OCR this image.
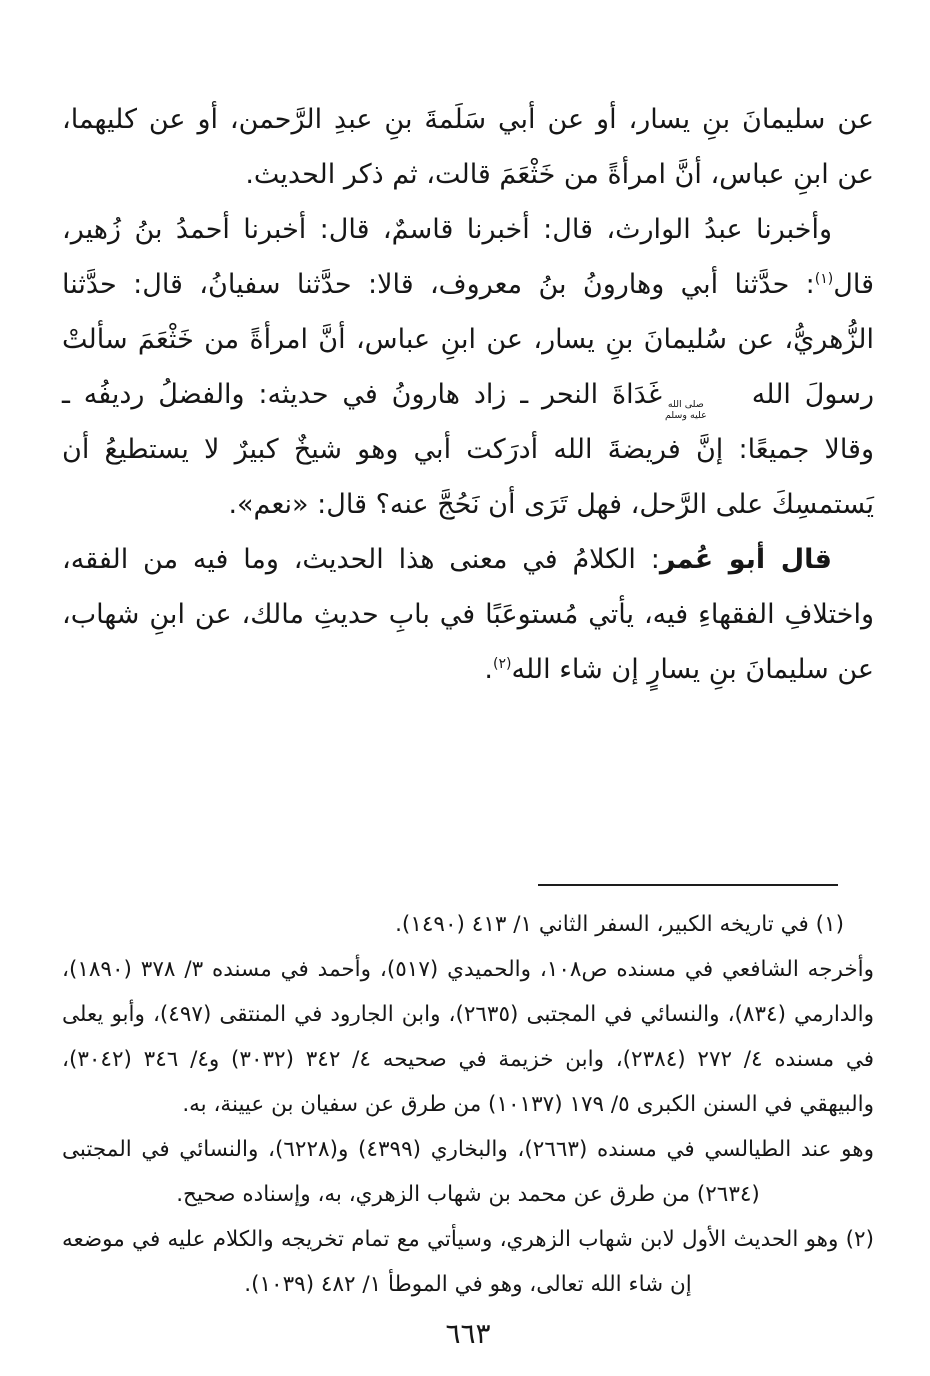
عن سليمانَ بنِ يسار، أو عن أبي سَلَمةَ بنِ عبدِ الرَّحمن، أو عن كليهما، عن ابنِ عباس، أنَّ امرأةً من خَثْعَمَ قالت، ثم ذكر الحديث.

وأخبرنا عبدُ الوارث، قال: أخبرنا قاسمٌ، قال: أخبرنا أحمدُ بنُ زُهير، قال$^{(١)}$: حدَّثنا أبي وهارونُ بنُ معروف، قالا: حدَّثنا سفيانُ، قال: حدَّثنا الزُّهريُّ، عن سُليمانَ بنِ يسار، عن ابنِ عباس، أنَّ امرأةً من خَثْعَمَ سألتْ رسولَ الله
صلى الله
عليه وسلم
غَدَاةَ النحر ـ زاد هارونُ في حديثه: والفضلُ رديفُه ـ وقالا جميعًا: إنَّ فريضةَ الله أدرَكت أبي وهو شيخٌ كبيرٌ لا يستطيعُ أن يَستمسِكَ على الرَّحل، فهل تَرَى أن نَحُجَّ عنه؟ قال: «نعم».

قال أبو عُمر: الكلامُ في معنى هذا الحديث، وما فيه من الفقه، واختلافِ الفقهاءِ فيه، يأتي مُستوعَبًا في بابِ حديثِ مالك، عن ابنِ شهاب، عن سليمانَ بنِ يسارٍ إن شاء الله$^{(٢)}$.

(١) في تاريخه الكبير، السفر الثاني ١/ ٤١٣ (١٤٩٠).

وأخرجه الشافعي في مسنده ص١٠٨، والحميدي (٥١٧)، وأحمد في مسنده ٣/ ٣٧٨ (١٨٩٠)، والدارمي (٨٣٤)، والنسائي في المجتبى (٢٦٣٥)، وابن الجارود في المنتقى (٤٩٧)، وأبو يعلى في مسنده ٤/ ٢٧٢ (٢٣٨٤)، وابن خزيمة في صحيحه ٤/ ٣٤٢ (٣٠٣٢) و٤/ ٣٤٦ (٣٠٤٢)، والبيهقي في السنن الكبرى ٥/ ١٧٩ (١٠١٣٧) من طرق عن سفيان بن عيينة، به.

وهو عند الطيالسي في مسنده (٢٦٦٣)، والبخاري (٤٣٩٩) و(٦٢٢٨)، والنسائي في المجتبى (٢٦٣٤) من طرق عن محمد بن شهاب الزهري، به، وإسناده صحيح.

(٢) وهو الحديث الأول لابن شهاب الزهري، وسيأتي مع تمام تخريجه والكلام عليه في موضعه إن شاء الله تعالى، وهو في الموطأ ١/ ٤٨٢ (١٠٣٩).

٦٦٣
